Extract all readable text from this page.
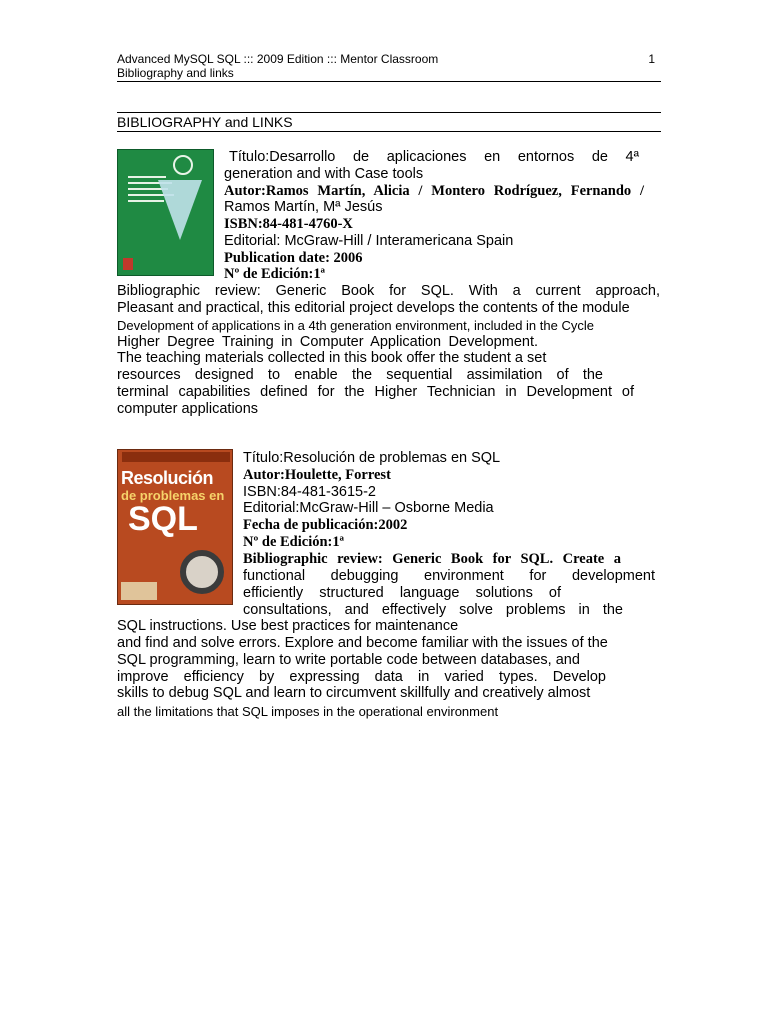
Advanced MySQL SQL ::: 2009 Edition ::: Mentor Classroom	1
Bibliography and links
BIBLIOGRAPHY and LINKS
Título:Desarrollo de aplicaciones en entornos de 4ª
generation and with Case tools
Autor:Ramos Martín, Alicia / Montero Rodríguez, Fernando /
Ramos Martín, Mª Jesús
ISBN:84-481-4760-X
Editorial: McGraw-Hill / Interamericana Spain
Publication date: 2006
Nº de Edición:1ª
Bibliographic review: Generic Book for SQL. With a current approach,
Pleasant and practical, this editorial project develops the contents of the module
Development of applications in a 4th generation environment, included in the Cycle
Higher Degree Training in Computer Application Development.
The teaching materials collected in this book offer the student a set
resources designed to enable the sequential assimilation of the
terminal capabilities defined for the Higher Technician in Development of
computer applications
Resolución
de problemas en
SQL
Título:Resolución de problemas en SQL
Autor:Houlette, Forrest
ISBN:84-481-3615-2
Editorial:McGraw-Hill – Osborne Media
Fecha de publicación:2002
Nº de Edición:1ª
Bibliographic review: Generic Book for SQL. Create a
functional debugging environment for development
efficiently structured language solutions of
consultations, and effectively solve problems in the
SQL instructions. Use best practices for maintenance
and find and solve errors. Explore and become familiar with the issues of the
SQL programming, learn to write portable code between databases, and
improve efficiency by expressing data in varied types. Develop
skills to debug SQL and learn to circumvent skillfully and creatively almost
all the limitations that SQL imposes in the operational environment
